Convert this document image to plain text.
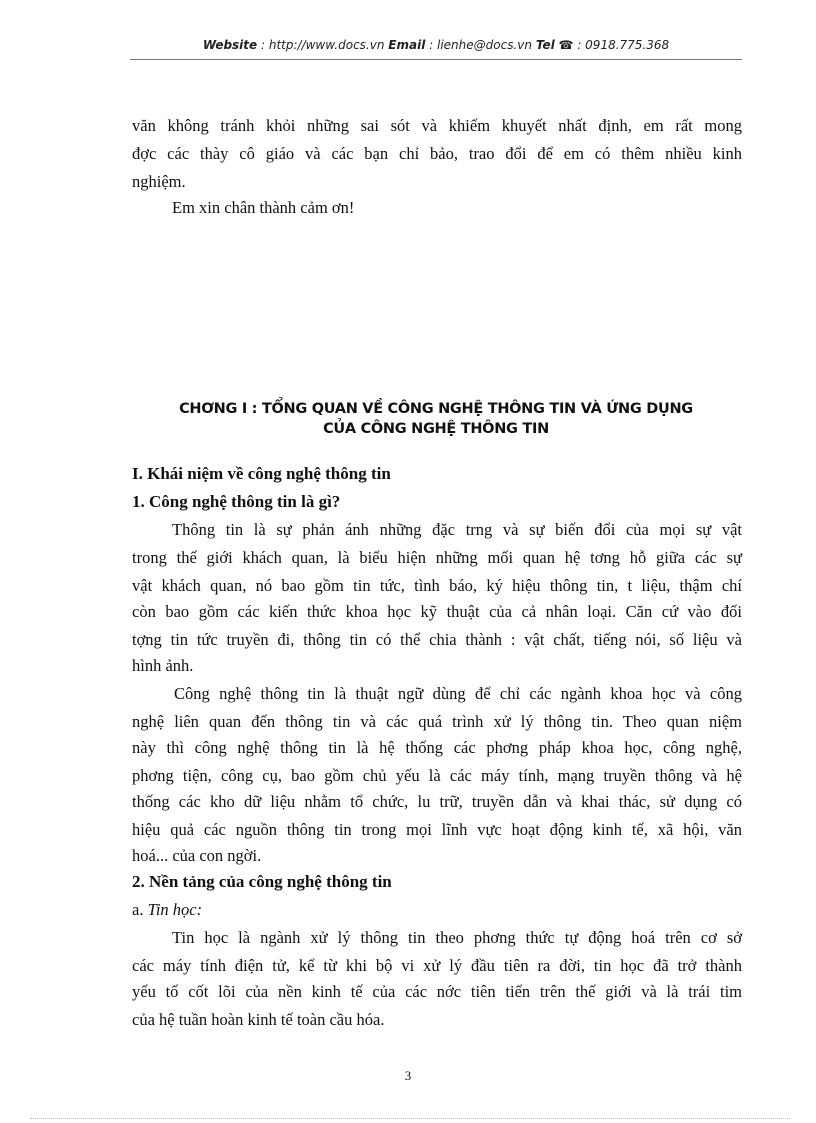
Website : http://www.docs.vn Email : lienhe@docs.vn Tel ☎ : 0918.775.368
văn không tránh khỏi những sai sót và khiếm khuyết nhất định, em rất mong
đợc các thày cô giáo và các bạn chỉ bảo, trao đổi để em có thêm nhiều kinh
nghiệm.
Em xin chân thành cảm ơn!
CHƠNG I : TỔNG QUAN VỀ CÔNG NGHỆ THÔNG TIN VÀ ỨNG DỤNG
CỦA CÔNG NGHỆ THÔNG TIN
I. Khái niệm về công nghệ thông tin
1. Công nghệ thông tin là gì?
Thông tin là sự phản ánh những đặc trng và sự biến đổi của mọi sự vật
trong thế giới khách quan, là biểu hiện những mối quan hệ tơng hỗ giữa các sự
vật khách quan, nó bao gồm tin tức, tình báo, ký hiệu thông tin, t liệu, thậm chí
còn bao gồm các kiến thức khoa học kỹ thuật của cả nhân loại. Căn cứ vào đối
tợng tin tức truyền đi, thông tin có thể chia thành : vật chất, tiếng nói, số liệu và
hình ảnh.
Công nghệ thông tin là thuật ngữ dùng để chỉ các ngành khoa học và công
nghệ liên quan đến thông tin và các quá trình xử lý thông tin. Theo quan niệm
này thì công nghệ thông tin là hệ thống các phơng pháp khoa học, công nghệ,
phơng tiện, công cụ, bao gồm chủ yếu là các máy tính, mạng truyền thông và hệ
thống các kho dữ liệu nhằm tổ chức, lu trữ, truyền dẫn và khai thác, sử dụng có
hiệu quả các nguồn thông tin trong mọi lĩnh vực hoạt động kinh tế, xã hội, văn
hoá... của con ngời.
2. Nền tảng của công nghệ thông tin
a. Tin học:
Tin học là ngành xử lý thông tin theo phơng thức tự động hoá trên cơ sở
các máy tính điện tử, kể từ khi bộ vi xử lý đầu tiên ra đời, tin học đã trở thành
yếu tố cốt lõi của nền kinh tế của các nớc tiên tiến trên thế giới và là trái tim
của hệ tuần hoàn kinh tế toàn cầu hóa.
3
